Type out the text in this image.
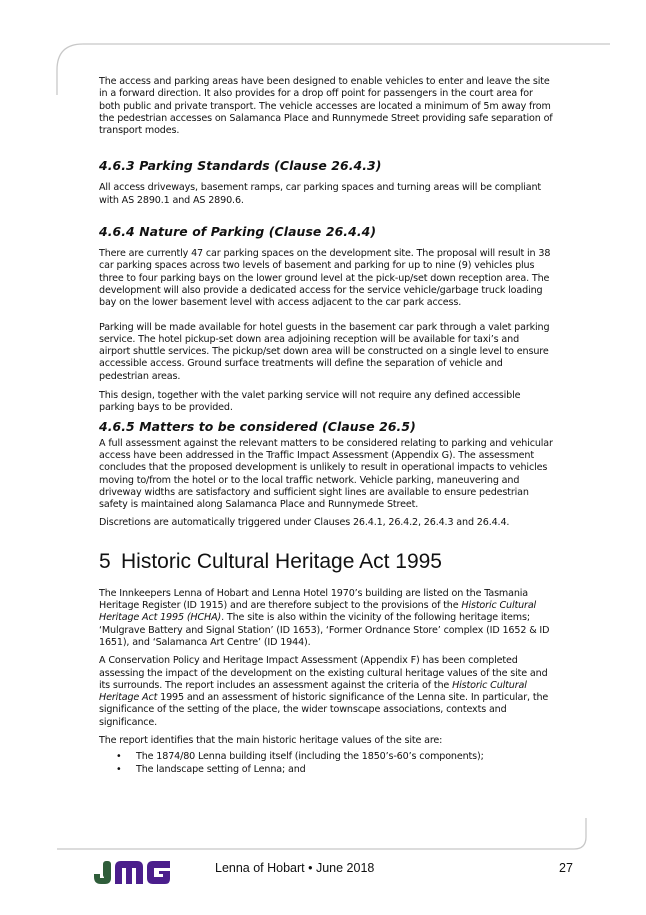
The access and parking areas have been designed to enable vehicles to enter and leave the site in a forward direction. It also provides for a drop off point for passengers in the court area for both public and private transport. The vehicle accesses are located a minimum of 5m away from the pedestrian accesses on Salamanca Place and Runnymede Street providing safe separation of transport modes.

4.6.3 Parking Standards (Clause 26.4.3)

All access driveways, basement ramps, car parking spaces and turning areas will be compliant with AS 2890.1 and AS 2890.6.

4.6.4 Nature of Parking (Clause 26.4.4)

There are currently 47 car parking spaces on the development site. The proposal will result in 38 car parking spaces across two levels of basement and parking for up to nine (9) vehicles plus three to four parking bays on the lower ground level at the pick-up/set down reception area. The development will also provide a dedicated access for the service vehicle/garbage truck loading bay on the lower basement level with access adjacent to the car park access.

Parking will be made available for hotel guests in the basement car park through a valet parking service. The hotel pickup-set down area adjoining reception will be available for taxi’s and airport shuttle services. The pickup/set down area will be constructed on a single level to ensure accessible access. Ground surface treatments will define the separation of vehicle and pedestrian areas.

This design, together with the valet parking service will not require any defined accessible parking bays to be provided.

4.6.5 Matters to be considered (Clause 26.5)

A full assessment against the relevant matters to be considered relating to parking and vehicular access have been addressed in the Traffic Impact Assessment (Appendix G). The assessment concludes that the proposed development is unlikely to result in operational impacts to vehicles moving to/from the hotel or to the local traffic network. Vehicle parking, maneuvering and driveway widths are satisfactory and sufficient sight lines are available to ensure pedestrian safety is maintained along Salamanca Place and Runnymede Street.

Discretions are automatically triggered under Clauses 26.4.1, 26.4.2, 26.4.3 and 26.4.4.

5 Historic Cultural Heritage Act 1995

The Innkeepers Lenna of Hobart and Lenna Hotel 1970’s building are listed on the Tasmania Heritage Register (ID 1915) and are therefore subject to the provisions of the Historic Cultural Heritage Act 1995 (HCHA). The site is also within the vicinity of the following heritage items; ‘Mulgrave Battery and Signal Station’ (ID 1653), ‘Former Ordnance Store’ complex (ID 1652 & ID 1651), and ‘Salamanca Art Centre’ (ID 1944).

A Conservation Policy and Heritage Impact Assessment (Appendix F) has been completed assessing the impact of the development on the existing cultural heritage values of the site and its surrounds. The report includes an assessment against the criteria of the Historic Cultural Heritage Act 1995 and an assessment of historic significance of the Lenna site. In particular, the significance of the setting of the place, the wider townscape associations, contexts and significance.

The report identifies that the main historic heritage values of the site are:

• The 1874/80 Lenna building itself (including the 1850’s-60’s components);
• The landscape setting of Lenna; and
Lenna of Hobart • June 2018	27
